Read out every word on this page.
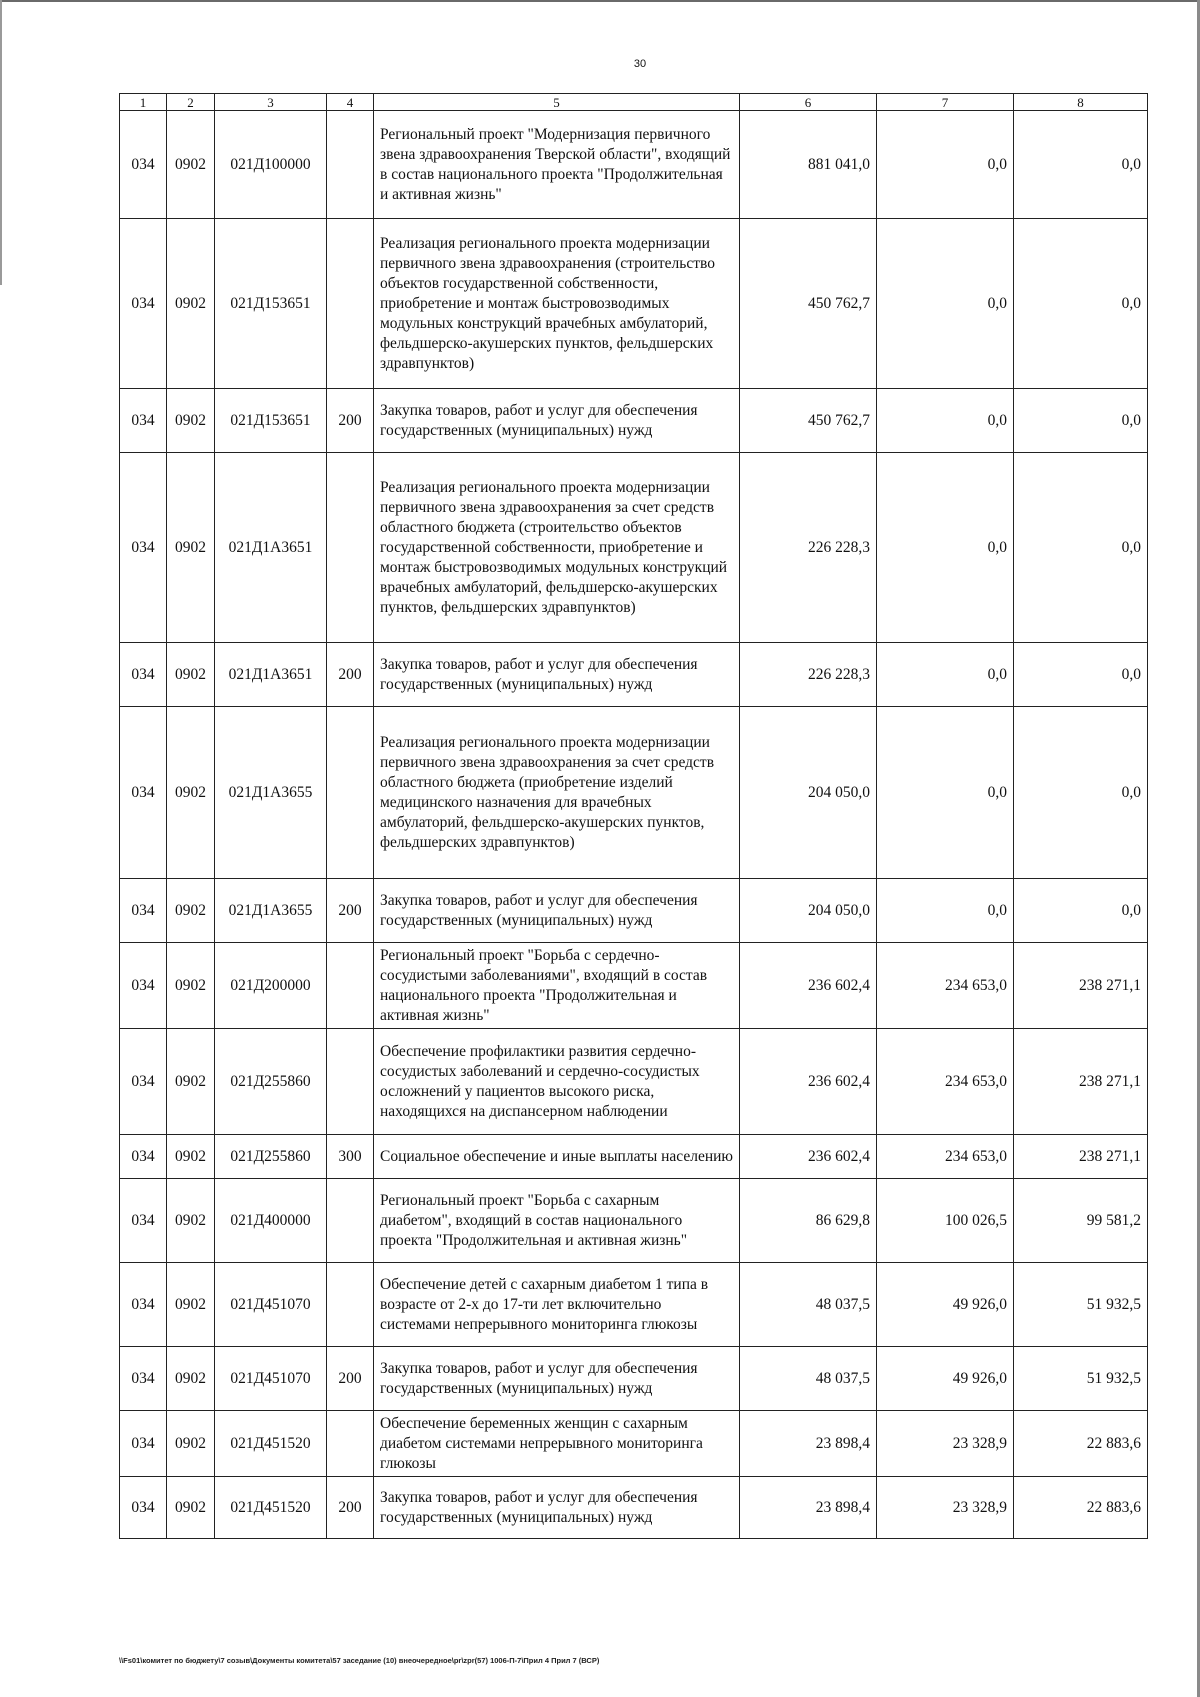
30
1	2	3	4	5	6	7	8
034	0902	021Д100000		Региональный проект "Модернизация первичного звена здравоохранения Тверской области", входящий в состав национального проекта "Продолжительная и активная жизнь"	881 041,0	0,0	0,0
034	0902	021Д153651		Реализация регионального проекта модернизации первичного звена здравоохранения (строительство объектов государственной собственности, приобретение и монтаж быстровозводимых модульных конструкций врачебных амбулаторий, фельдшерско-акушерских пунктов, фельдшерских здравпунктов)	450 762,7	0,0	0,0
034	0902	021Д153651	200	Закупка товаров, работ и услуг для обеспечения государственных (муниципальных) нужд	450 762,7	0,0	0,0
034	0902	021Д1А3651		Реализация регионального проекта модернизации первичного звена здравоохранения за счет средств областного бюджета (строительство объектов государственной собственности, приобретение и монтаж быстровозводимых модульных конструкций врачебных амбулаторий, фельдшерско-акушерских пунктов, фельдшерских здравпунктов)	226 228,3	0,0	0,0
034	0902	021Д1А3651	200	Закупка товаров, работ и услуг для обеспечения государственных (муниципальных) нужд	226 228,3	0,0	0,0
034	0902	021Д1А3655		Реализация регионального проекта модернизации первичного звена здравоохранения за счет средств областного бюджета (приобретение изделий медицинского назначения для врачебных амбулаторий, фельдшерско-акушерских пунктов, фельдшерских здравпунктов)	204 050,0	0,0	0,0
034	0902	021Д1А3655	200	Закупка товаров, работ и услуг для обеспечения государственных (муниципальных) нужд	204 050,0	0,0	0,0
034	0902	021Д200000		Региональный проект "Борьба с сердечно-сосудистыми заболеваниями", входящий в состав национального проекта "Продолжительная и активная жизнь"	236 602,4	234 653,0	238 271,1
034	0902	021Д255860		Обеспечение профилактики развития сердечно-сосудистых заболеваний и сердечно-сосудистых осложнений у пациентов высокого риска, находящихся на диспансерном наблюдении	236 602,4	234 653,0	238 271,1
034	0902	021Д255860	300	Социальное обеспечение и иные выплаты населению	236 602,4	234 653,0	238 271,1
034	0902	021Д400000		Региональный проект "Борьба с сахарным диабетом", входящий в состав национального проекта "Продолжительная и активная жизнь"	86 629,8	100 026,5	99 581,2
034	0902	021Д451070		Обеспечение детей с сахарным диабетом 1 типа в возрасте от 2-х до 17-ти лет включительно системами непрерывного мониторинга глюкозы	48 037,5	49 926,0	51 932,5
034	0902	021Д451070	200	Закупка товаров, работ и услуг для обеспечения государственных (муниципальных) нужд	48 037,5	49 926,0	51 932,5
034	0902	021Д451520		Обеспечение беременных женщин с сахарным диабетом системами непрерывного мониторинга глюкозы	23 898,4	23 328,9	22 883,6
034	0902	021Д451520	200	Закупка товаров, работ и услуг для обеспечения государственных (муниципальных) нужд	23 898,4	23 328,9	22 883,6
\\Fs01\комитет по бюджету\7 созыв\Документы комитета\57 заседание (10) внеочередное\pr\zpr(57) 1006-П-7\Прил 4 Прил 7 (ВСР)
